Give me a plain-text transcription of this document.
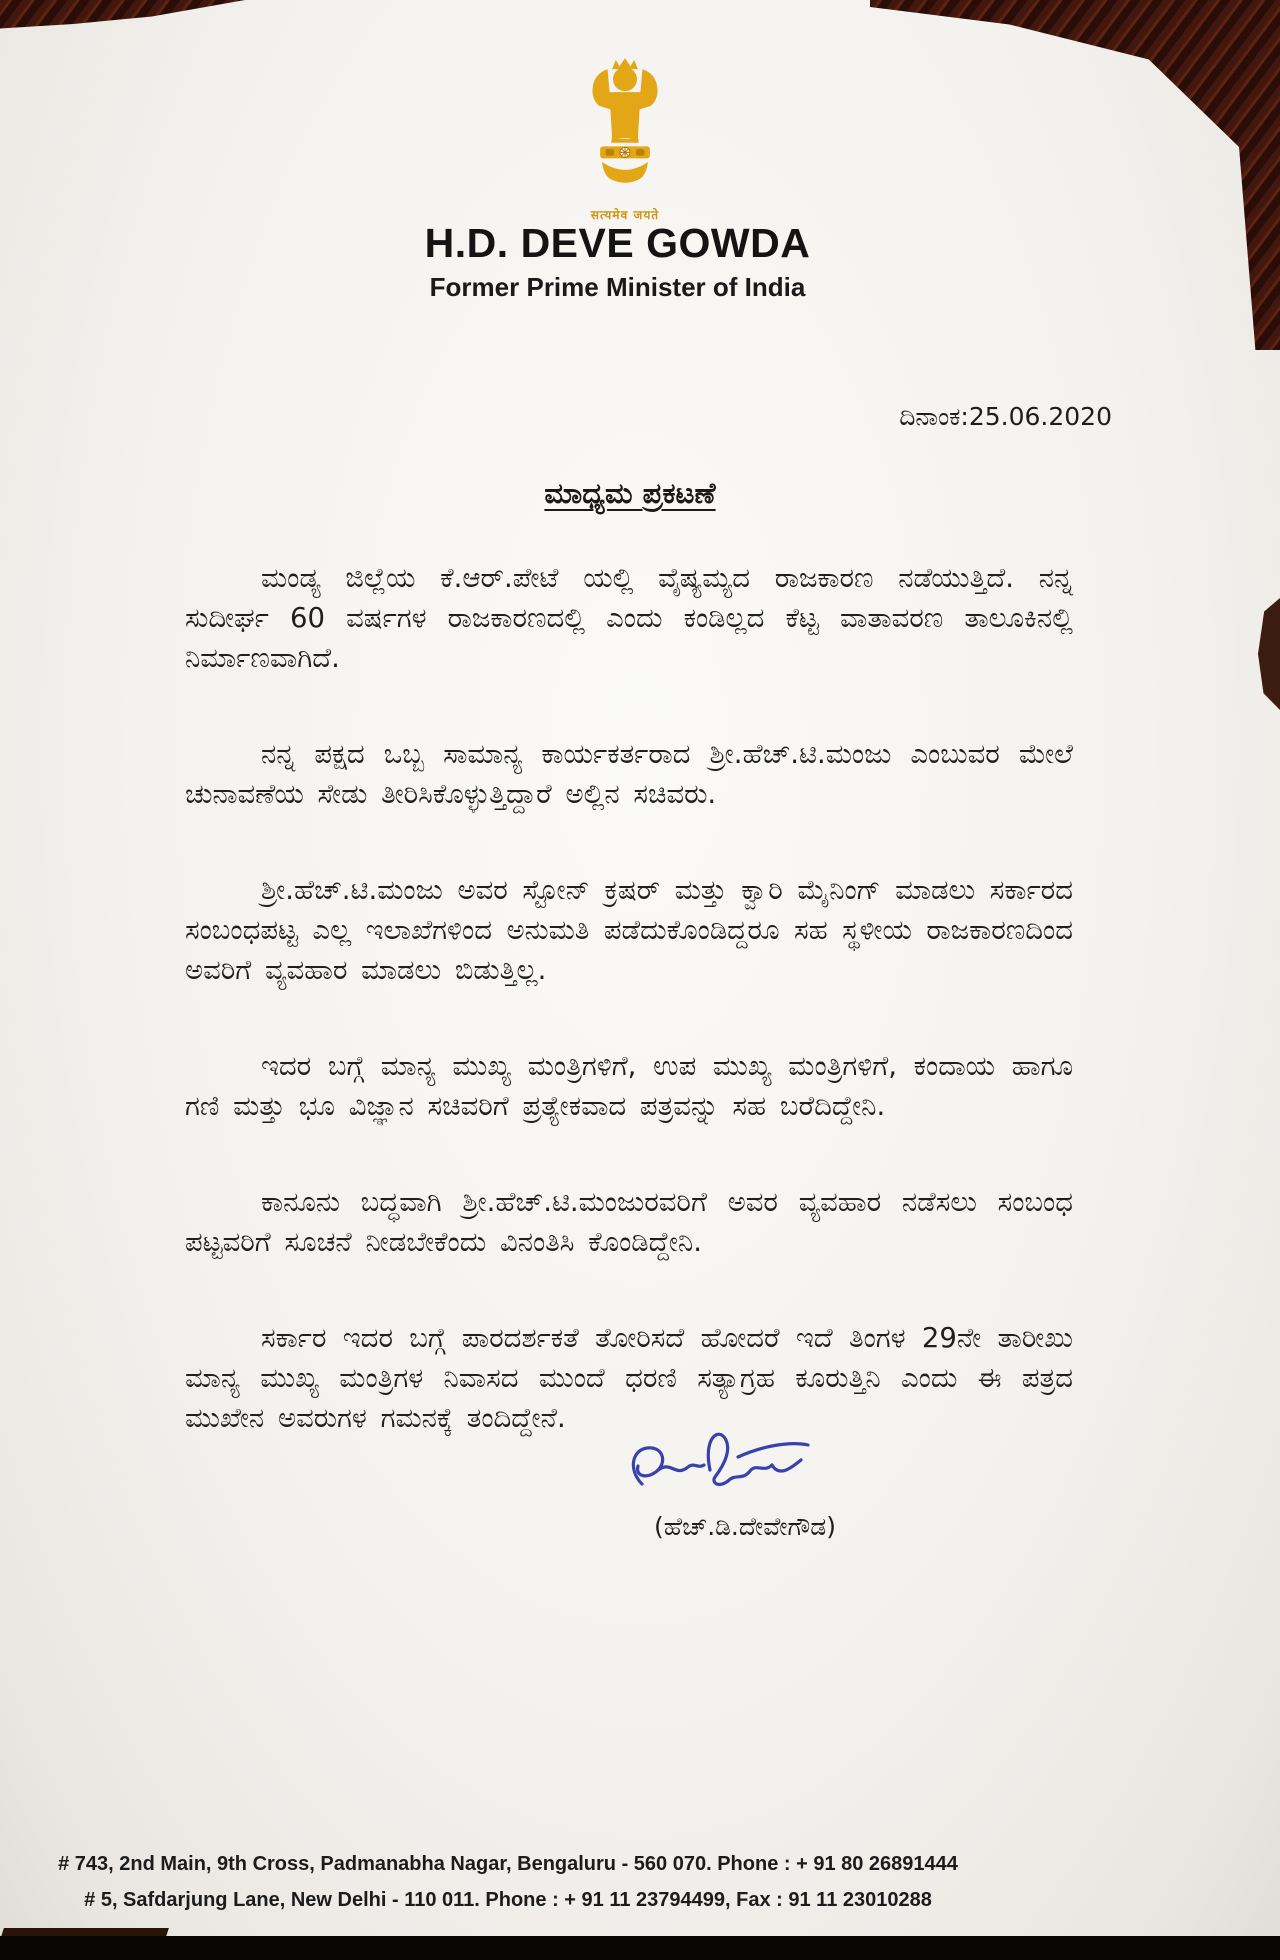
सत्यमेव जयते
H.D. DEVE GOWDA
Former Prime Minister of India
ದಿನಾಂಕ:25.06.2020
ಮಾಧ್ಯಮ ಪ್ರಕಟಣೆ

ಮಂಡ್ಯ ಜಿಲ್ಲೆಯ ಕೆ.ಆರ್.ಪೇಟೆ ಯಲ್ಲಿ ವೈಷ್ಯಮ್ಯದ ರಾಜಕಾರಣ ನಡೆಯುತ್ತಿದೆ. ನನ್ನ ಸುದೀರ್ಘ 60 ವರ್ಷಗಳ ರಾಜಕಾರಣದಲ್ಲಿ ಎಂದು ಕಂಡಿಲ್ಲದ ಕೆಟ್ಟ ವಾತಾವರಣ ತಾಲೂಕಿನಲ್ಲಿ ನಿರ್ಮಾಣವಾಗಿದೆ.

ನನ್ನ ಪಕ್ಷದ ಒಬ್ಬ ಸಾಮಾನ್ಯ ಕಾರ್ಯಕರ್ತರಾದ ಶ್ರೀ.ಹೆಚ್.ಟಿ.ಮಂಜು ಎಂಬುವರ ಮೇಲೆ ಚುನಾವಣೆಯ ಸೇಡು ತೀರಿಸಿಕೊಳ್ಳುತ್ತಿದ್ದಾರೆ ಅಲ್ಲಿನ ಸಚಿವರು.

ಶ್ರೀ.ಹೆಚ್.ಟಿ.ಮಂಜು ಅವರ ಸ್ಟೋನ್ ಕ್ರಷರ್ ಮತ್ತು ಕ್ವಾರಿ ಮೈನಿಂಗ್ ಮಾಡಲು ಸರ್ಕಾರದ ಸಂಬಂಧಪಟ್ಟ ಎಲ್ಲ ಇಲಾಖೆಗಳಿಂದ ಅನುಮತಿ ಪಡೆದುಕೊಂಡಿದ್ದರೂ ಸಹ ಸ್ಥಳೀಯ ರಾಜಕಾರಣದಿಂದ ಅವರಿಗೆ ವ್ಯವಹಾರ ಮಾಡಲು ಬಿಡುತ್ತಿಲ್ಲ.

ಇದರ ಬಗ್ಗೆ ಮಾನ್ಯ ಮುಖ್ಯ ಮಂತ್ರಿಗಳಿಗೆ, ಉಪ ಮುಖ್ಯ ಮಂತ್ರಿಗಳಿಗೆ, ಕಂದಾಯ ಹಾಗೂ ಗಣಿ ಮತ್ತು ಭೂ ವಿಜ್ಞಾನ ಸಚಿವರಿಗೆ ಪ್ರತ್ಯೇಕವಾದ ಪತ್ರವನ್ನು ಸಹ ಬರೆದಿದ್ದೇನಿ.

ಕಾನೂನು ಬದ್ಧವಾಗಿ ಶ್ರೀ.ಹೆಚ್.ಟಿ.ಮಂಜುರವರಿಗೆ ಅವರ ವ್ಯವಹಾರ ನಡೆಸಲು ಸಂಬಂಧ ಪಟ್ಟವರಿಗೆ ಸೂಚನೆ ನೀಡಬೇಕೆಂದು ವಿನಂತಿಸಿ ಕೊಂಡಿದ್ದೇನಿ.

ಸರ್ಕಾರ ಇದರ ಬಗ್ಗೆ ಪಾರದರ್ಶಕತೆ ತೋರಿಸದೆ ಹೋದರೆ ಇದೆ ತಿಂಗಳ 29ನೇ ತಾರೀಖು ಮಾನ್ಯ ಮುಖ್ಯ ಮಂತ್ರಿಗಳ ನಿವಾಸದ ಮುಂದೆ ಧರಣಿ ಸತ್ಯಾಗ್ರಹ ಕೂರುತ್ತಿನಿ ಎಂದು ಈ ಪತ್ರದ ಮುಖೇನ ಅವರುಗಳ ಗಮನಕ್ಕೆ ತಂದಿದ್ದೇನೆ.

(ಹೆಚ್.ಡಿ.ದೇವೇಗೌಡ)
# 743, 2nd Main, 9th Cross, Padmanabha Nagar, Bengaluru - 560 070. Phone : + 91 80 26891444
# 5, Safdarjung Lane, New Delhi - 110 011. Phone : + 91 11 23794499, Fax : 91 11 23010288
